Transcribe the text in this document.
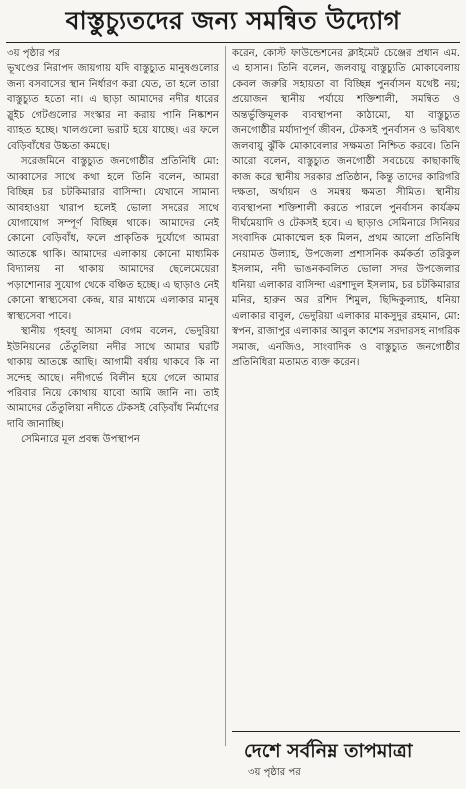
বাস্তুচ্যুতদের জন্য সমন্বিত উদ্যোগ
৩য় পৃষ্ঠার পর

ভূখণ্ডের নিরাপদ জায়গায় যদি বাস্তুচ্যুত মানুষগুলোর জন্য বসবাসের স্থান নির্ধারণ করা যেত, তা হলে তারা বাস্তুচ্যুত হতো না। এ ছাড়া আমাদের নদীর ধারের স্লুইচ গেটগুলোর সংস্কার না করায় পানি নিষ্কাশন ব্যাহত হচ্ছে। খালগুলো ভরাট হয়ে যাচ্ছে। এর ফলে বেড়িবাঁধের উচ্চতা কমছে।

সরেজমিনে বাস্তুচ্যুত জনগোষ্ঠীর প্রতিনিধি মো: আব্বাসের সাথে কথা হলে তিনি বলেন, আমরা বিচ্ছিন্ন চর চটকিমারার বাসিন্দা। যেখানে সামান্য আবহাওয়া খারাপ হলেই ভোলা সদরের সাথে যোগাযোগ সম্পূর্ণ বিচ্ছিন্ন থাকে। আমাদের নেই কোনো বেড়িবাঁধ, ফলে প্রাকৃতিক দুর্যোগে আমরা আতঙ্কে থাকি। আমাদের এলাকায় কোনো মাধ্যমিক বিদ্যালয় না থাকায় আমাদের ছেলেমেয়েরা পড়াশোনার সুযোগ থেকে বঞ্চিত হচ্ছে। এ ছাড়াও নেই কোনো স্বাস্থ্যসেবা কেন্দ্র, যার মাধ্যমে এলাকার মানুষ স্বাস্থ্যসেবা পাবে।

স্থানীয় গৃহবধূ আসমা বেগম বলেন, ভেদুরিয়া ইউনিয়নের তেঁতুলিয়া নদীর সাথে আমার ঘরটি থাকায় আতঙ্কে আছি। আগামী বর্ষায় থাকবে কি না সন্দেহ আছে। নদীগর্ভে বিলীন হয়ে গেলে আমার পরিবার নিয়ে কোথায় যাবো আমি জানি না। তাই আমাদের তেঁতুলিয়া নদীতে টেকসই বেড়িবাঁধ নির্মাণের দাবি জানাচ্ছি।

সেমিনারে মূল প্রবন্ধ উপস্থাপন

করেন, কোস্ট ফাউন্ডেশনের ক্লাইমেট চেঞ্জের প্রধান এম. এ হাসান। তিনি বলেন, জলবায়ু বাস্তুচ্যুতি মোকাবেলায় কেবল জরুরি সহায়তা বা বিচ্ছিন্ন পুনর্বাসন যথেষ্ট নয়; প্রয়োজন স্থানীয় পর্যায়ে শক্তিশালী, সমন্বিত ও অন্তর্ভুক্তিমূলক ব্যবস্থাপনা কাঠামো, যা বাস্তুচ্যুত জনগোষ্ঠীর মর্যাদাপূর্ণ জীবন, টেকসই পুনর্বাসন ও ভবিষ্যৎ জলবায়ু ঝুঁকি মোকাবেলার সক্ষমতা নিশ্চিত করবে। তিনি আরো বলেন, বাস্তুচ্যুত জনগোষ্ঠী সবচেয়ে কাছাকাছি কাজ করে স্থানীয় সরকার প্রতিষ্ঠান, কিন্তু তাদের কারিগরি দক্ষতা, অর্থায়ন ও সমন্বয় ক্ষমতা সীমিত। স্থানীয় ব্যবস্থাপনা শক্তিশালী করতে পারলে পুনর্বাসন কার্যক্রম দীর্ঘমেয়াদি ও টেকসই হবে। এ ছাড়াও সেমিনারে সিনিয়র সংবাদিক মোকাম্মেল হক মিলন, প্রথম আলো প্রতিনিধি নেয়ামত উল্যাহ, উপজেলা প্রশাসনিক কর্মকর্তা তরিকুল ইসলাম, নদী ভাঙনকবলিত ভোলা সদর উপজেলার ধনিয়া এলাকার বাসিন্দা এরশাদুল ইসলাম, চর চটকিমারার মনির, হারুন অর রশিদ শিমুল, ছিদ্দিকুল্যাহ, ধনিয়া এলাকার বাবুল, ভেদুরিয়া এলাকার মাকসুদুর রহমান, মো: স্বপন, রাজাপুর এলাকার আবুল কাশেম সরদারসহ নাগরিক সমাজ, এনজিও, সাংবাদিক ও বাস্তুচ্যুত জনগোষ্ঠীর প্রতিনিধিরা মতামত ব্যক্ত করেন।

দেশে সর্বনিম্ন তাপমাত্রা
৩য় পৃষ্ঠার পর
